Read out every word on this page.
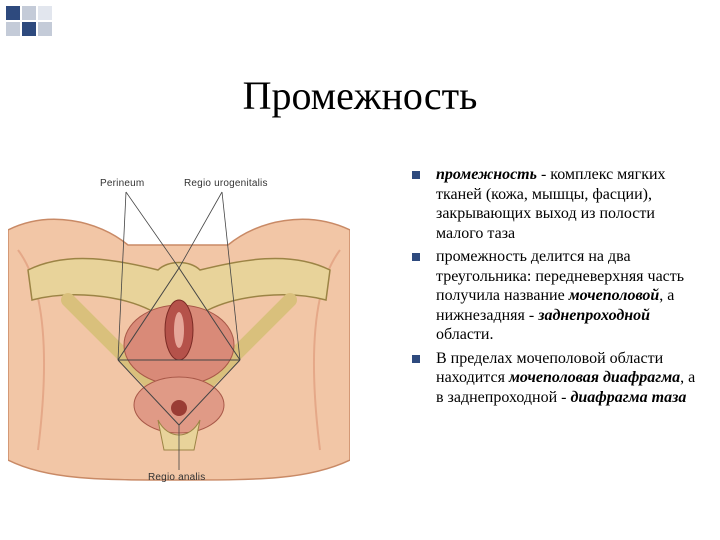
Промежность
Perineum	Regio urogenitalis
Regio analis
промежность - комплекс мягких тканей (кожа, мышцы, фасции), закрывающих выход из полости малого таза
промежность делится на два треугольника: передневерхняя часть получила название мочеполовой, а нижнезадняя - заднепроходной области.
В пределах мочеполовой области находится мочеполовая диафрагма, а в заднепроходной - диафрагма таза
